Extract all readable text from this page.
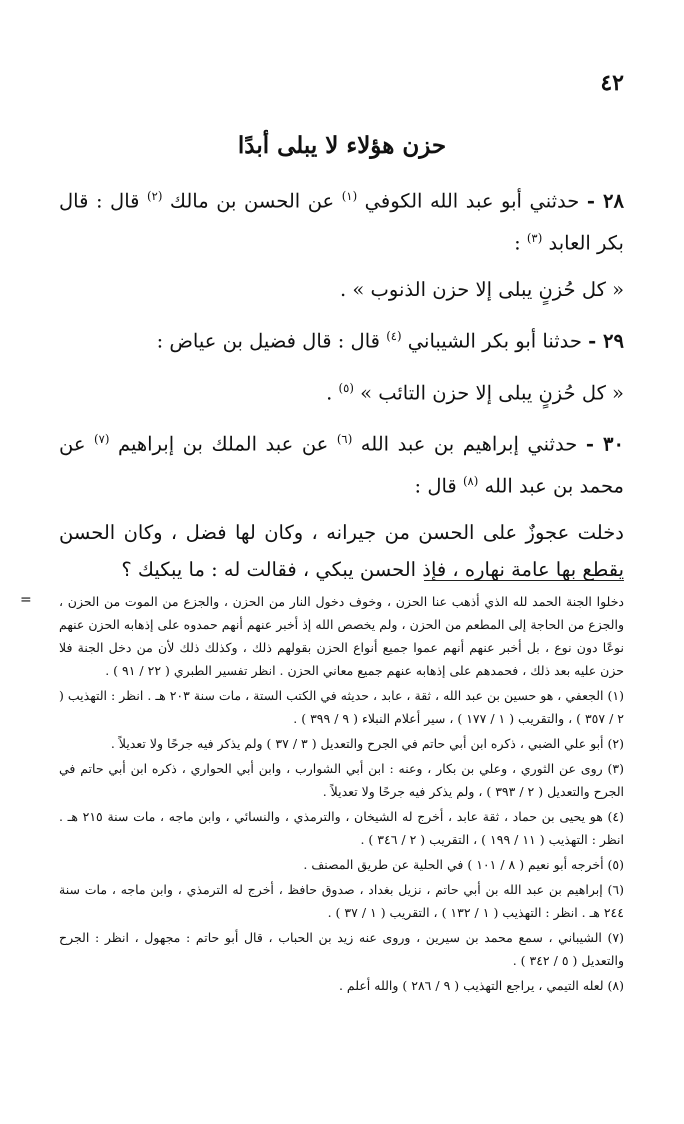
٤٢
حزن هؤلاء لا يبلى أبدًا

٢٨ - حدثني أبو عبد الله الكوفي $^{(١)}$ عن الحسن بن مالك $^{(٢)}$ قال : قال بكر العابد $^{(٣)}$ :

« كل حُزنٍ يبلى إلا حزن الذنوب » .

٢٩ - حدثنا أبو بكر الشيباني $^{(٤)}$ قال : قال فضيل بن عياض :

« كل حُزنٍ يبلى إلا حزن التائب » $^{(٥)}$ .

٣٠ - حدثني إبراهيم بن عبد الله $^{(٦)}$ عن عبد الملك بن إبراهيم $^{(٧)}$ عن محمد بن عبد الله $^{(٨)}$ قال :

دخلت عجوزٌ على الحسن من جيرانه ، وكان لها فضل ، وكان الحسن يقطع بها عامة نهاره ، فإذ الحسن يبكي ، فقالت له : ما يبكيك ؟

= دخلوا الجنة الحمد لله الذي أذهب عنا الحزن ، وخوف دخول النار من الحزن ، والجزع من الموت من الحزن ، والجزع من الحاجة إلى المطعم من الحزن ، ولم يخصص الله إذ أخبر عنهم أنهم حمدوه على إذهابه الحزن عنهم نوعًا دون نوع ، بل أخبر عنهم أنهم عموا جميع أنواع الحزن بقولهم ذلك ، وكذلك ذلك لأن من دخل الجنة فلا حزن عليه بعد ذلك ، فحمدهم على إذهابه عنهم جميع معاني الحزن . انظر تفسير الطبري ( ٢٢ / ٩١ ) .

(١) الجعفي ، هو حسين بن عبد الله ، ثقة ، عابد ، حديثه في الكتب الستة ، مات سنة ٢٠٣ هـ . انظر : التهذيب ( ٢ / ٣٥٧ ) ، والتقريب ( ١ / ١٧٧ ) ، سير أعلام النبلاء ( ٩ / ٣٩٩ ) .

(٢) أبو علي الضبي ، ذكره ابن أبي حاتم في الجرح والتعديل ( ٣ / ٣٧ ) ولم يذكر فيه جرحًا ولا تعديلاً .

(٣) روى عن الثوري ، وعلي بن بكار ، وعنه : ابن أبي الشوارب ، وابن أبي الحواري ، ذكره ابن أبي حاتم في الجرح والتعديل ( ٢ / ٣٩٣ ) ، ولم يذكر فيه جرحًا ولا تعديلاً .

(٤) هو يحيى بن حماد ، ثقة عابد ، أخرج له الشيخان ، والترمذي ، والنسائي ، وابن ماجه ، مات سنة ٢١٥ هـ . انظر : التهذيب ( ١١ / ١٩٩ ) ، التقريب ( ٢ / ٣٤٦ ) .

(٥) أخرجه أبو نعيم ( ٨ / ١٠١ ) في الحلية عن طريق المصنف .

(٦) إبراهيم بن عبد الله بن أبي حاتم ، نزيل بغداد ، صدوق حافظ ، أخرج له الترمذي ، وابن ماجه ، مات سنة ٢٤٤ هـ . انظر : التهذيب ( ١ / ١٣٢ ) ، التقريب ( ١ / ٣٧ ) .

(٧) الشيباني ، سمع محمد بن سيرين ، وروى عنه زيد بن الحباب ، قال أبو حاتم : مجهول ، انظر : الجرح والتعديل ( ٥ / ٣٤٢ ) .

(٨) لعله التيمي ، يراجع التهذيب ( ٩ / ٢٨٦ ) والله أعلم .
